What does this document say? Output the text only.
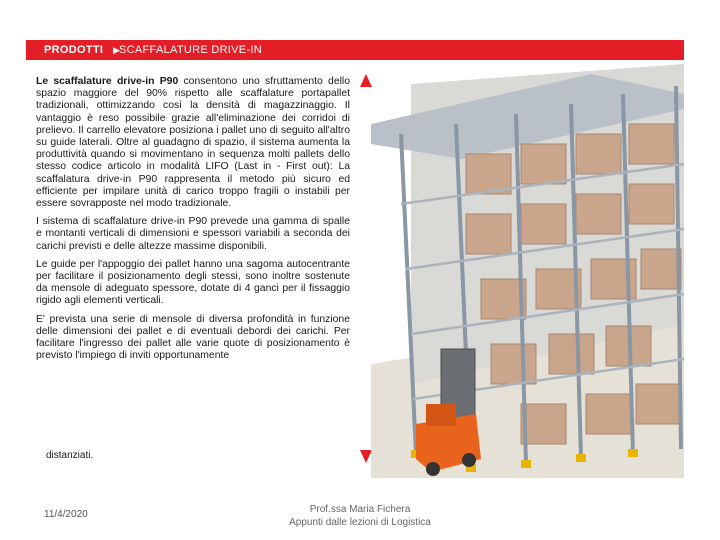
PRODOTTI ▶ SCAFFALATURE DRIVE-IN

Le scaffalature drive-in P90 consentono uno sfruttamento dello spazio maggiore del 90% rispetto alle scaffalature portapallet tradizionali, ottimizzando così la densità di magazzinaggio. Il vantaggio è reso possibile grazie all'eliminazione dei corridoi di prelievo. Il carrello elevatore posiziona i pallet uno di seguito all'altro su guide laterali. Oltre al guadagno di spazio, il sistema aumenta la produttività quando si movimentano in sequenza molti pallets dello stesso codice articolo in modalità LIFO (Last in - First out): La scaffalatura drive-in P90 rappresenta il metodo più sicuro ed efficiente per impilare unità di carico troppo fragili o instabili per essere sovrapposte nel modo tradizionale.

I sistema di scaffalature drive-in P90 prevede una gamma di spalle e montanti verticali di dimensioni e spessori variabili a seconda dei carichi previsti e delle altezze massime disponibili.

Le guide per l'appoggio dei pallet hanno una sagoma autocentrante per facilitare il posizionamento degli stessi, sono inoltre sostenute da mensole di adeguato spessore, dotate di 4 ganci per il fissaggio rigido agli elementi verticali.

E' prevista una serie di mensole di diversa profondità in funzione delle dimensioni dei pallet e di eventuali debordi dei carichi. Per facilitare l'ingresso dei pallet alle varie quote di posizionamento è previsto l'impiego di inviti opportunamente

distanziati.
11/4/2020	Prof.ssa Maria Fichera
Appunti dalle lezioni di Logistica
